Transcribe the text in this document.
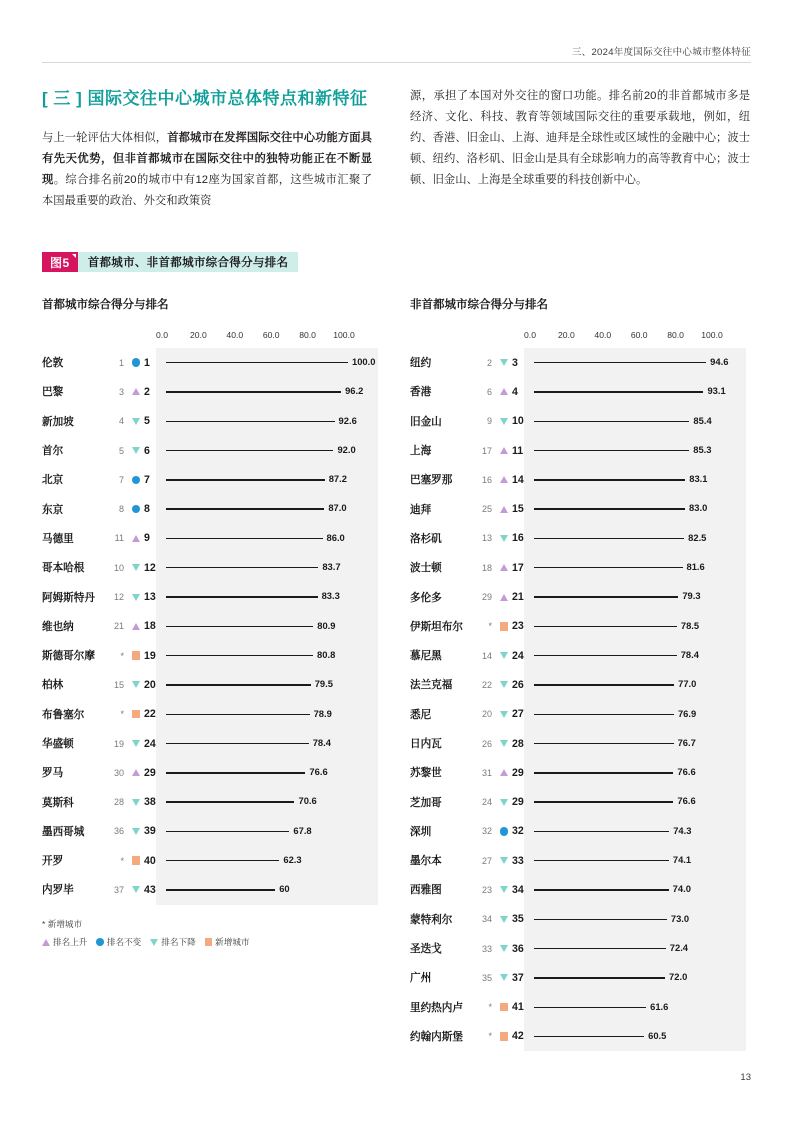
三、2024年度国际交往中心城市整体特征
[ 三 ] 国际交往中心城市总体特点和新特征
与上一轮评估大体相似，首都城市在发挥国际交往中心功能方面具有先天优势，但非首都城市在国际交往中的独特功能正在不断显现。综合排名前20的城市中有12座为国家首都，这些城市汇聚了本国最重要的政治、外交和政策资
源，承担了本国对外交往的窗口功能。排名前20的非首都城市多是经济、文化、科技、教育等领域国际交往的重要承载地，例如，纽约、香港、旧金山、上海、迪拜是全球性或区域性的金融中心；波士顿、纽约、洛杉矶、旧金山是具有全球影响力的高等教育中心；波士顿、旧金山、上海是全球重要的科技创新中心。
图5	首都城市、非首都城市综合得分与排名
首都城市综合得分与排名
0.0	20.0 40.0 60.0 80.0 100.0
伦敦	1	1	100.0
巴黎	3	2	96.2
新加坡	4	5	92.6
首尔	5	6	92.0
北京	7	7	87.2
东京	8	8	87.0
马德里	11	9	86.0
哥本哈根	10	12	83.7
阿姆斯特丹	12	13	83.3
维也纳	21	18	80.9
斯德哥尔摩	*	19	80.8
柏林	15	20	79.5
布鲁塞尔	*	22	78.9
华盛顿	19	24	78.4
罗马	30	29	76.6
莫斯科	28	38	70.6
墨西哥城	36	39	67.8
开罗	*	40	62.3
内罗毕	37	43	60
非首都城市综合得分与排名
0.0	20.0 40.0 60.0 80.0 100.0
纽约	2	3	94.6
香港	6	4	93.1
旧金山	9	10	85.4
上海	17	11	85.3
巴塞罗那	16	14	83.1
迪拜	25	15	83.0
洛杉矶	13	16	82.5
波士顿	18	17	81.6
多伦多	29	21	79.3
伊斯坦布尔	*	23	78.5
慕尼黑	14	24	78.4
法兰克福	22	26	77.0
悉尼	20	27	76.9
日内瓦	26	28	76.7
苏黎世	31	29	76.6
芝加哥	24	29	76.6
深圳	32	32	74.3
墨尔本	27	33	74.1
西雅图	23	34	74.0
蒙特利尔	34	35	73.0
圣迭戈	33	36	72.4
广州	35	37	72.0
里约热内卢	*	41	61.6
约翰内斯堡	*	42	60.5
* 新增城市
排名上升 排名不变 排名下降 新增城市
13
